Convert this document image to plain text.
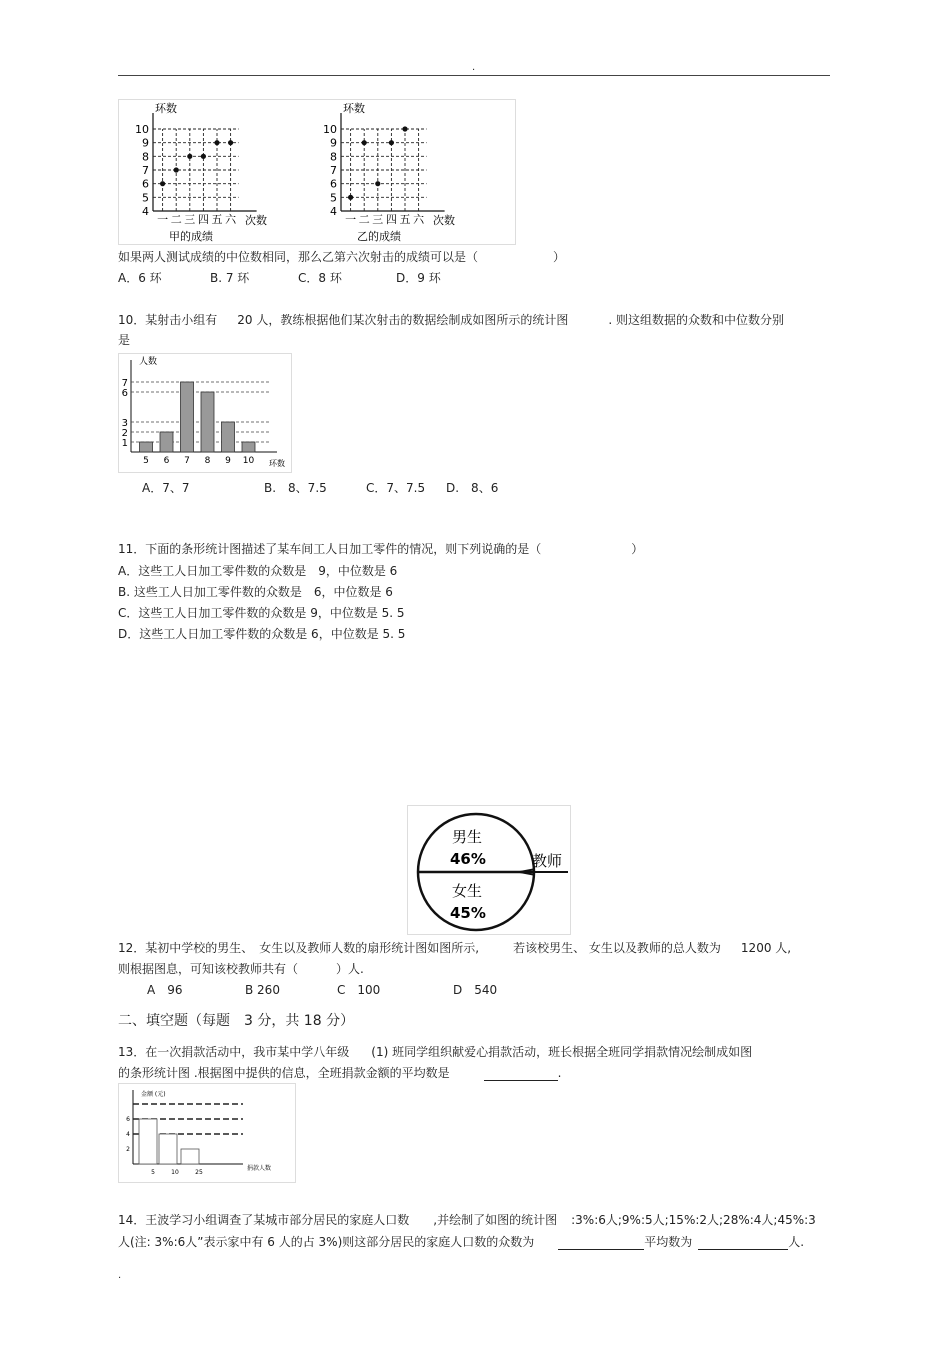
.
环数
次数
甲的成绩
10
9
8
7
6
5
4
一 二 三 四 五 六
环数
次数
乙的成绩
10
9
8
7
6
5
4
一 二 三 四 五 六
如果两人测试成绩的中位数相同，那么乙第六次射击的成绩可以是（	）
A．6 环	B. 7 环	C．8 环	D．9 环
10．某射击小组有 20 人，教练根据他们某次射击的数据绘制成如图所示的统计图	. 则这组数据的众数和中位数分别
是
人数
环数
1
2
3
6
7
5 6 7 8 9 10
A．7、7	B.　8、7.5	C．7、7.5 D.　8、6
11．下面的条形统计图描述了某车间工人日加工零件的情况，则下列说确的是（	）
A．这些工人日加工零件数的众数是　9，中位数是 6
B. 这些工人日加工零件数的众数是　6，中位数是 6
C．这些工人日加工零件数的众数是 9，中位数是 5. 5
D．这些工人日加工零件数的众数是 6，中位数是 5. 5
男生
46%
女生
45%
教师
12．某初中学校的男生、　女生以及教师人数的扇形统计图如图所示,	若该校男生、 女生以及教师的总人数为 1200 人,
则根据图息，可知该校教师共有（	）人.
A　96	B 260	C　100	D　540
二、填空题（每题　3 分，共 18 分）
13．在一次捐款活动中，我市某中学八年级 (1) 班同学组织献爱心捐款活动，班长根据全班同学捐款情况绘制成如图
的条形统计图 .根据图中提供的信息，全班捐款金额的平均数是	.
金额 (元)
捐款人数
6
4
2
5	10	25
14．王波学习小组调查了某城市部分居民的家庭人口数 ,并绘制了如图的统计图 :3%:6人;9%:5人;15%:2人;28%:4人;45%:3
人(注: 3%:6人”表示家中有 6 人的占 3%)则这部分居民的家庭人口数的众数为	平均数为	人.
.
